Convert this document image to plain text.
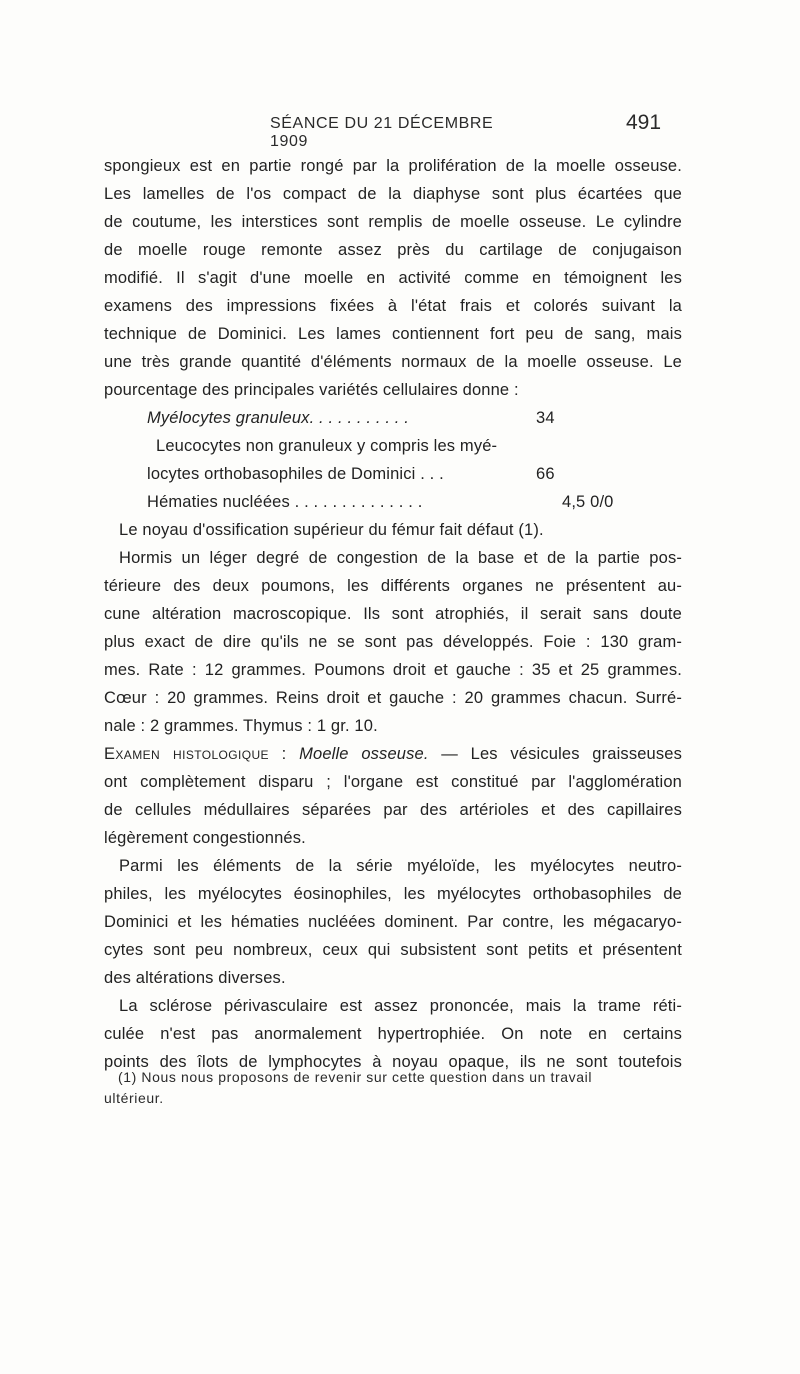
SÉANCE DU 21 DÉCEMBRE 1909
491
spongieux est en partie rongé par la prolifération de la moelle osseuse.
Les lamelles de l'os compact de la diaphyse sont plus écartées que
de coutume, les interstices sont remplis de moelle osseuse. Le cylindre
de moelle rouge remonte assez près du cartilage de conjugaison
modifié. Il s'agit d'une moelle en activité comme en témoignent les
examens des impressions fixées à l'état frais et colorés suivant la
technique de Dominici. Les lames contiennent fort peu de sang, mais
une très grande quantité d'éléments normaux de la moelle osseuse. Le
pourcentage des principales variétés cellulaires donne :
Myélocytes granuleux. . . . . . . . . . .	34
Leucocytes non granuleux y compris les myé-
locytes orthobasophiles de Dominici . . .	66
Hématies nucléées . . . . . . . . . . . . . .	4,5 0/0
Le noyau d'ossification supérieur du fémur fait défaut (1).
Hormis un léger degré de congestion de la base et de la partie pos-
térieure des deux poumons, les différents organes ne présentent au-
cune altération macroscopique. Ils sont atrophiés, il serait sans doute
plus exact de dire qu'ils ne se sont pas développés. Foie : 130 gram-
mes. Rate : 12 grammes. Poumons droit et gauche : 35 et 25 grammes.
Cœur : 20 grammes. Reins droit et gauche : 20 grammes chacun. Surré-
nale : 2 grammes. Thymus : 1 gr. 10.
Examen histologique : Moelle osseuse. — Les vésicules graisseuses
ont complètement disparu ; l'organe est constitué par l'agglomération
de cellules médullaires séparées par des artérioles et des capillaires
légèrement congestionnés.
Parmi les éléments de la série myéloïde, les myélocytes neutro-
philes, les myélocytes éosinophiles, les myélocytes orthobasophiles de
Dominici et les hématies nucléées dominent. Par contre, les mégacaryo-
cytes sont peu nombreux, ceux qui subsistent sont petits et présentent
des altérations diverses.
La sclérose périvasculaire est assez prononcée, mais la trame réti-
culée n'est pas anormalement hypertrophiée. On note en certains
points des îlots de lymphocytes à noyau opaque, ils ne sont toutefois
(1) Nous nous proposons de revenir sur cette question dans un travail
ultérieur.
